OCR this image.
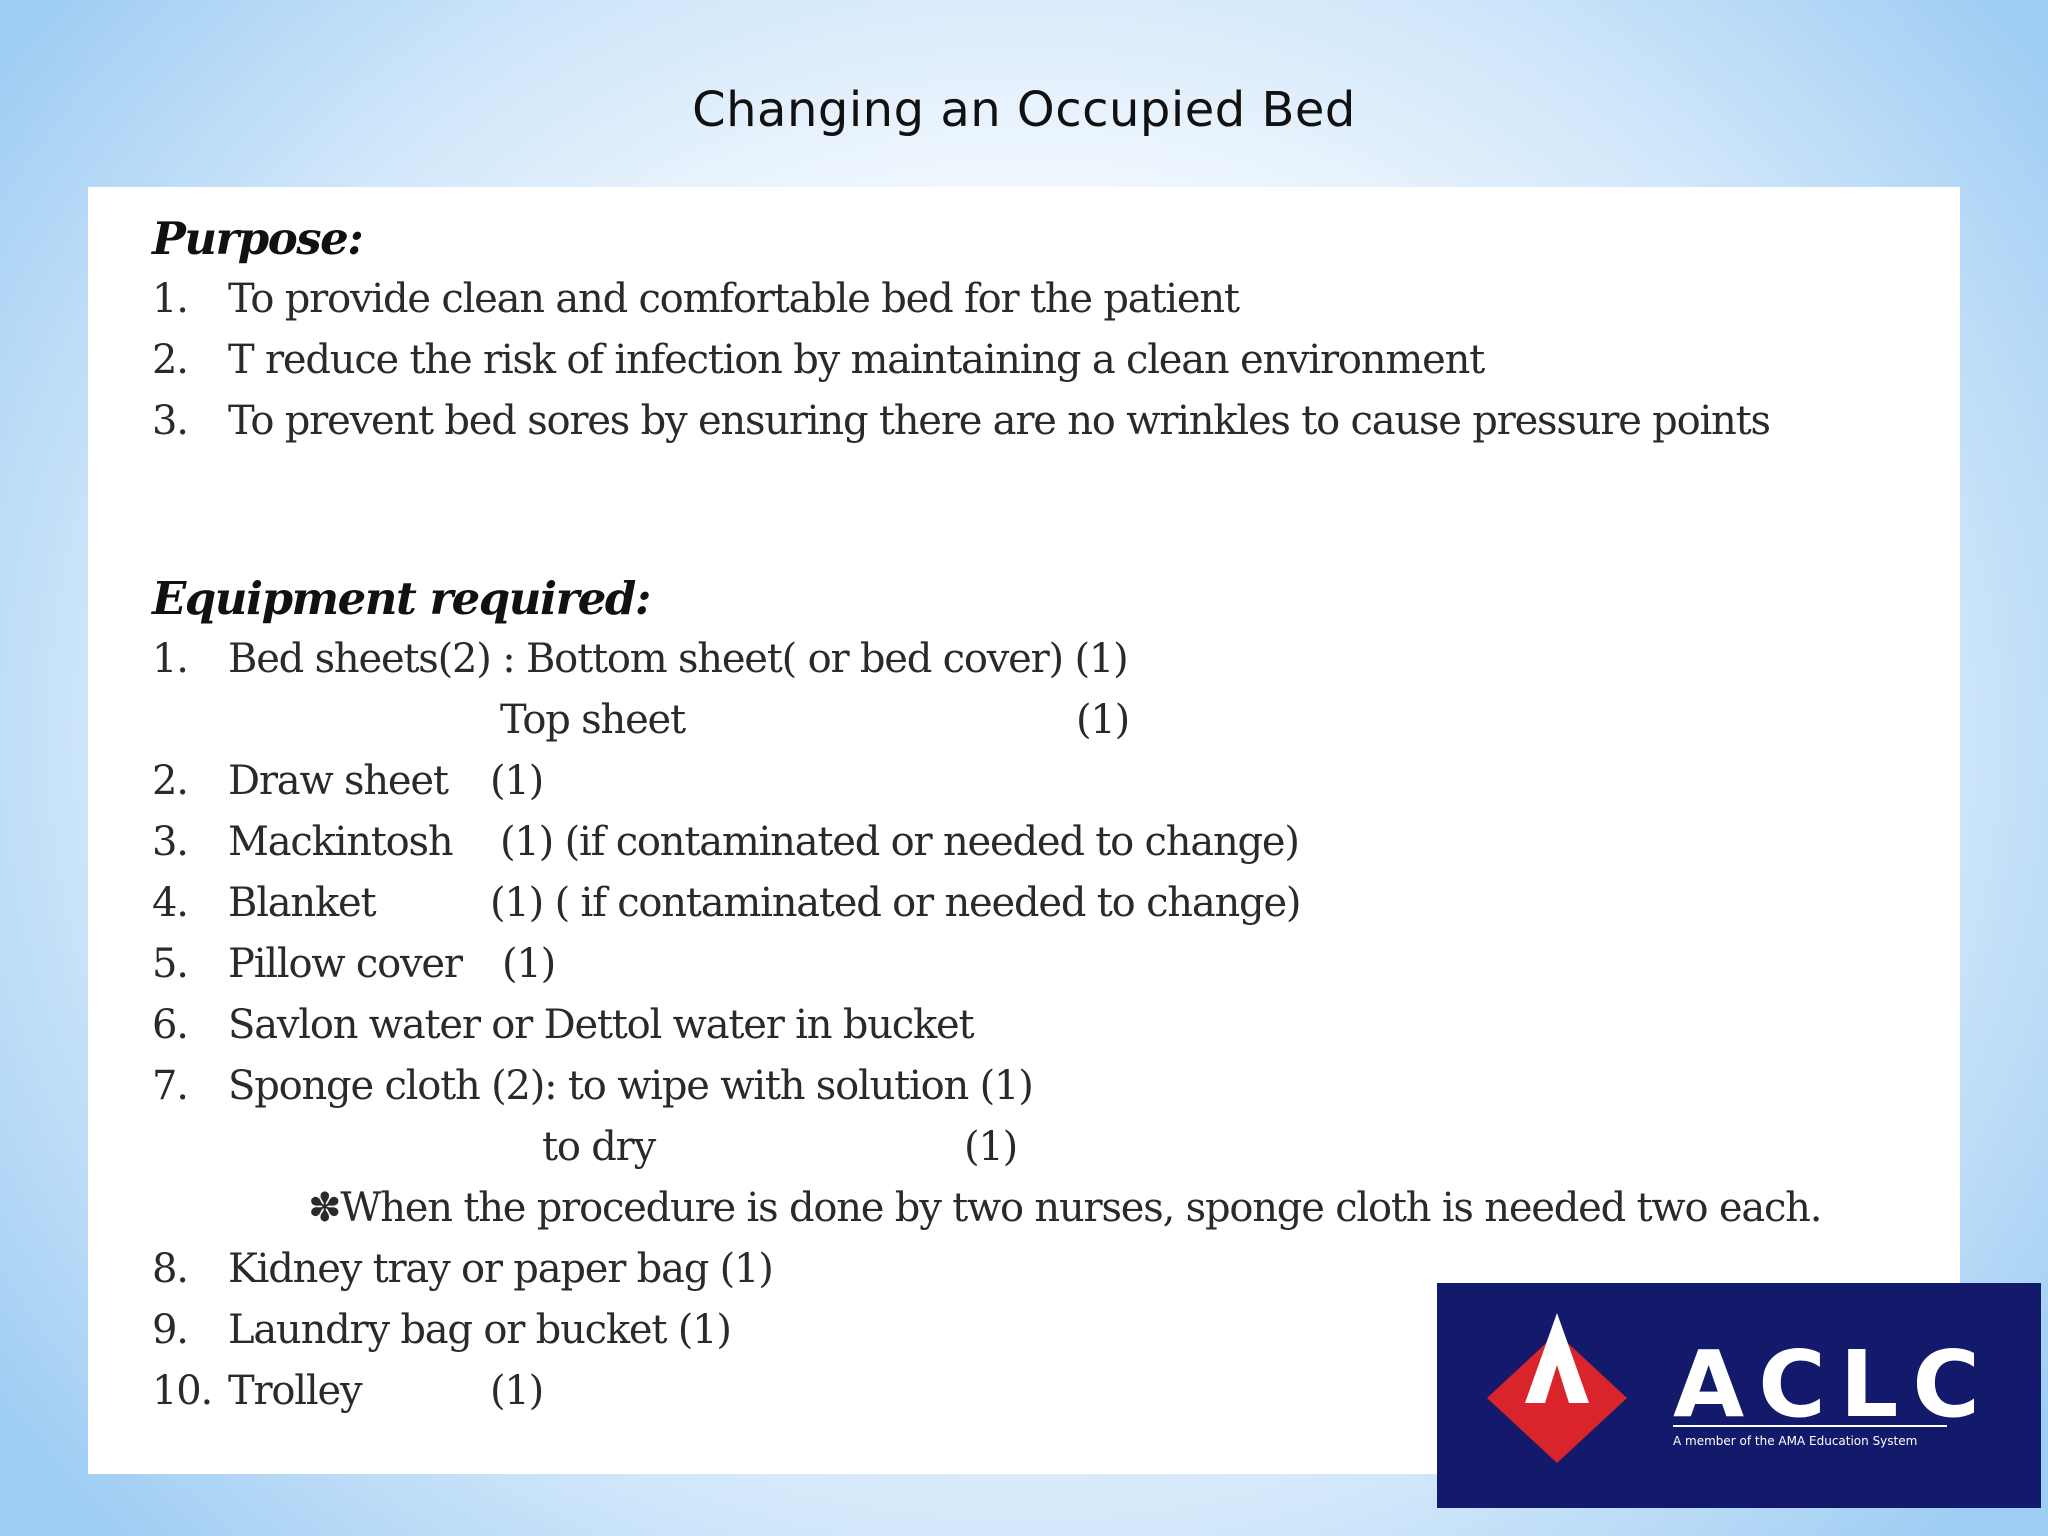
Changing an Occupied Bed
Purpose:
1. To provide clean and comfortable bed for the patient
2. T reduce the risk of infection by maintaining a clean environment
3. To prevent bed sores by ensuring there are no wrinkles to cause pressure points
Equipment required:
1. Bed sheets(2) : Bottom sheet( or bed cover) (1)
Top sheet	(1)
2. Draw sheet (1)
3. Mackintosh (1) (if contaminated or needed to change)
4. Blanket	(1) ( if contaminated or needed to change)
5. Pillow cover (1)
6. Savlon water or Dettol water in bucket
7. Sponge cloth (2): to wipe with solution (1)
to dry	(1)
✽When the procedure is done by two nurses, sponge cloth is needed two each.
8. Kidney tray or paper bag (1)
9. Laundry bag or bucket (1)
10. Trolley	(1)	ACLC
A member of the AMA Education System
